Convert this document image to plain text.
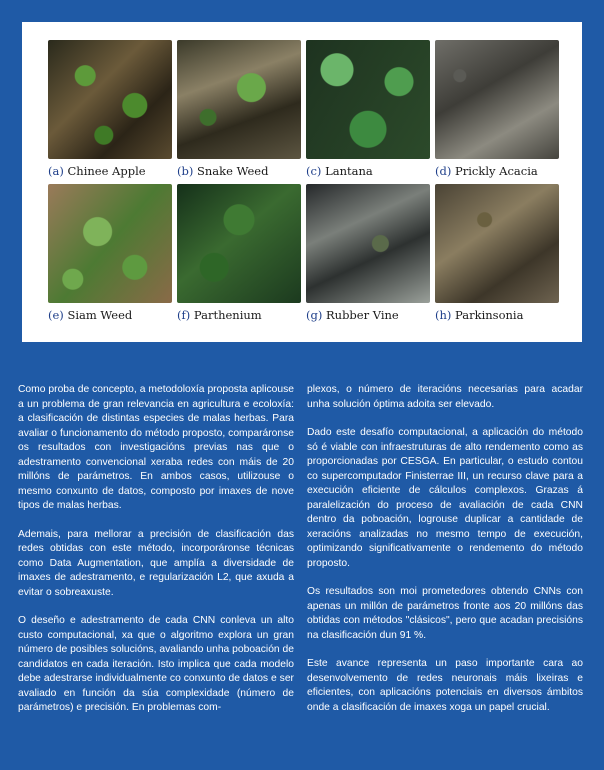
(a) Chinee Apple	(b) Snake Weed	(c) Lantana	(d) Prickly Acacia
(e) Siam Weed	(f) Parthenium	(g) Rubber Vine	(h) Parkinsonia

Como proba de concepto, a metodoloxía proposta aplicouse a un problema de gran relevancia en agricultura e ecoloxía: a clasificación de distintas especies de malas herbas. Para avaliar o funcionamento do método proposto, comparáronse os resultados con investigacións previas nas que o adestramento convencional xeraba redes con máis de 20 millóns de parámetros. En ambos casos, utilizouse o mesmo conxunto de datos, composto por imaxes de nove tipos de malas herbas.

Ademais, para mellorar a precisión de clasificación das redes obtidas con este método, incorporáronse técnicas como Data Augmentation, que amplía a diversidade de imaxes de adestramento, e regularización L2, que axuda a evitar o sobreaxuste.

O deseño e adestramento de cada CNN conleva un alto custo computacional, xa que o algoritmo explora un gran número de posibles solucións, avaliando unha poboación de candidatos en cada iteración. Isto implica que cada modelo debe adestrarse individualmente co conxunto de datos e ser avaliado en función da súa complexidade (número de parámetros) e precisión. En problemas com-

plexos, o número de iteracións necesarias para acadar unha solución óptima adoita ser elevado.

Dado este desafío computacional, a aplicación do método só é viable con infraestruturas de alto rendemento como as proporcionadas por CESGA. En particular, o estudo contou co supercomputador Finisterrae III, un recurso clave para a execución eficiente de cálculos complexos. Grazas á paralelización do proceso de avaliación de cada CNN dentro da poboación, logrouse duplicar a cantidade de xeracións analizadas no mesmo tempo de execución, optimizando significativamente o rendemento do método proposto.

Os resultados son moi prometedores obtendo CNNs con apenas un millón de parámetros fronte aos 20 millóns das obtidas con métodos "clásicos", pero que acadan precisións na clasificación dun 91 %.

Este avance representa un paso importante cara ao desenvolvemento de redes neuronais máis lixeiras e eficientes, con aplicacións potenciais en diversos ámbitos onde a clasificación de imaxes xoga un papel crucial.
